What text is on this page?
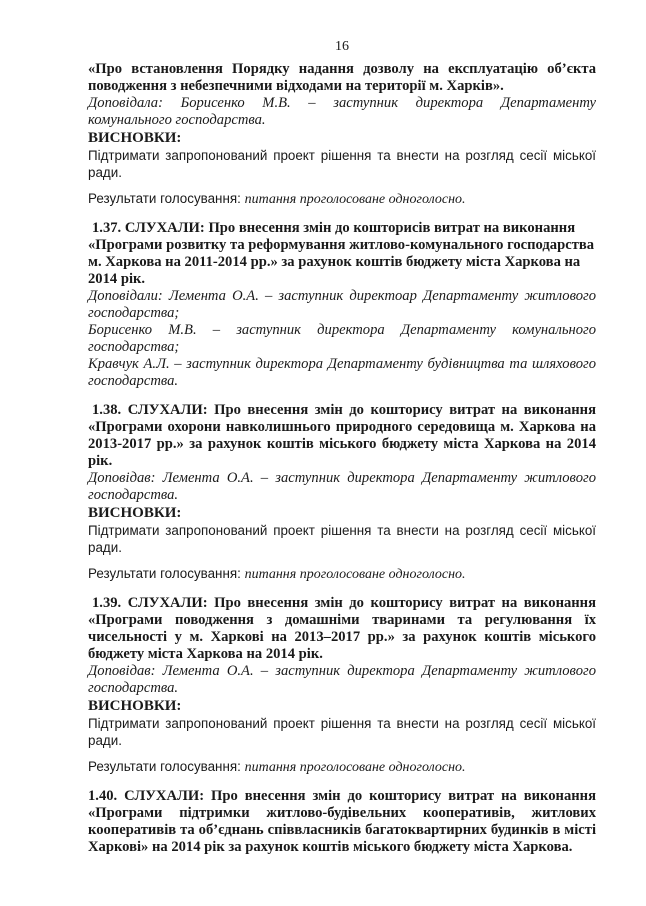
16

«Про встановлення Порядку надання дозволу на експлуатацію об’єкта поводження з небезпечними відходами на території м. Харків».

Доповідала: Борисенко М.В. – заступник директора Департаменту комунального господарства.

ВИСНОВКИ:

Підтримати запропонований проект рішення та внести на розгляд сесії міської ради.

Результати голосування: питання проголосоване одноголосно.

1.37. СЛУХАЛИ: Про внесення змін до кошторисів витрат на виконання
«Програми розвитку та реформування житлово-комунального господарства
м. Харкова на 2011-2014 рр.» за рахунок коштів бюджету міста Харкова на 2014 рік.

Доповідали: Лемента О.А. – заступник директоар Департаменту житлового господарства;

Борисенко М.В. – заступник директора Департаменту комунального господарства;

Кравчук А.Л. – заступник директора Департаменту будівництва та шляхового господарства.

1.38. СЛУХАЛИ: Про внесення змін до кошторису витрат на виконання «Програми охорони навколишнього природного середовища м. Харкова на 2013-2017 рр.» за рахунок коштів міського бюджету міста Харкова на 2014 рік.

Доповідав: Лемента О.А. – заступник директора Департаменту житлового господарства.

ВИСНОВКИ:

Підтримати запропонований проект рішення та внести на розгляд сесії міської ради.

Результати голосування: питання проголосоване одноголосно.

1.39. СЛУХАЛИ: Про внесення змін до кошторису витрат на виконання «Програми поводження з домашніми тваринами та регулювання їх чисельності у м. Харкові на 2013–2017 рр.» за рахунок коштів міського бюджету міста Харкова на 2014 рік.

Доповідав: Лемента О.А. – заступник директора Департаменту житлового господарства.

ВИСНОВКИ:

Підтримати запропонований проект рішення та внести на розгляд сесії міської ради.

Результати голосування: питання проголосоване одноголосно.

1.40. СЛУХАЛИ: Про внесення змін до кошторису витрат на виконання «Програми підтримки житлово-будівельних кооперативів, житлових кооперативів та об’єднань співвласників багатоквартирних будинків в місті Харкові» на 2014 рік за рахунок коштів міського бюджету міста Харкова.
